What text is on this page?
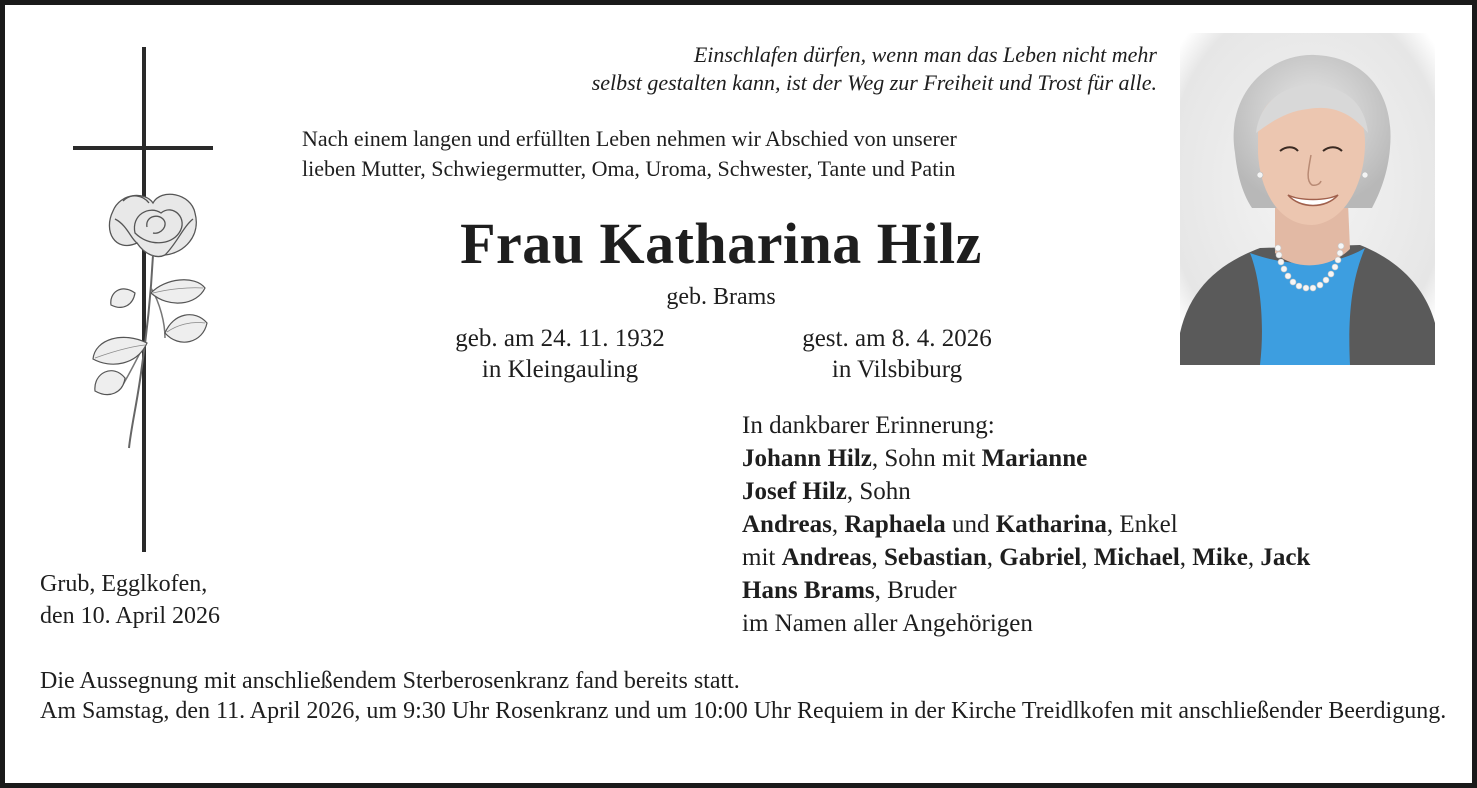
Einschlafen dürfen, wenn man das Leben nicht mehr
selbst gestalten kann, ist der Weg zur Freiheit und Trost für alle.
Nach einem langen und erfüllten Leben nehmen wir Abschied von unserer
lieben Mutter, Schwiegermutter, Oma, Uroma, Schwester, Tante und Patin
Frau Katharina Hilz
geb. Brams
geb. am 24. 11. 1932
in Kleingauling
gest. am 8. 4. 2026
in Vilsbiburg
Grub, Egglkofen,
den 10. April 2026
In dankbarer Erinnerung:
Johann Hilz, Sohn mit Marianne
Josef Hilz, Sohn
Andreas, Raphaela und Katharina, Enkel
mit Andreas, Sebastian, Gabriel, Michael, Mike, Jack
Hans Brams, Bruder
im Namen aller Angehörigen
Die Aussegnung mit anschließendem Sterberosenkranz fand bereits statt.
Am Samstag, den 11. April 2026, um 9:30 Uhr Rosenkranz und um 10:00 Uhr Requiem in der Kirche Treidlkofen mit anschließender Beerdigung.
